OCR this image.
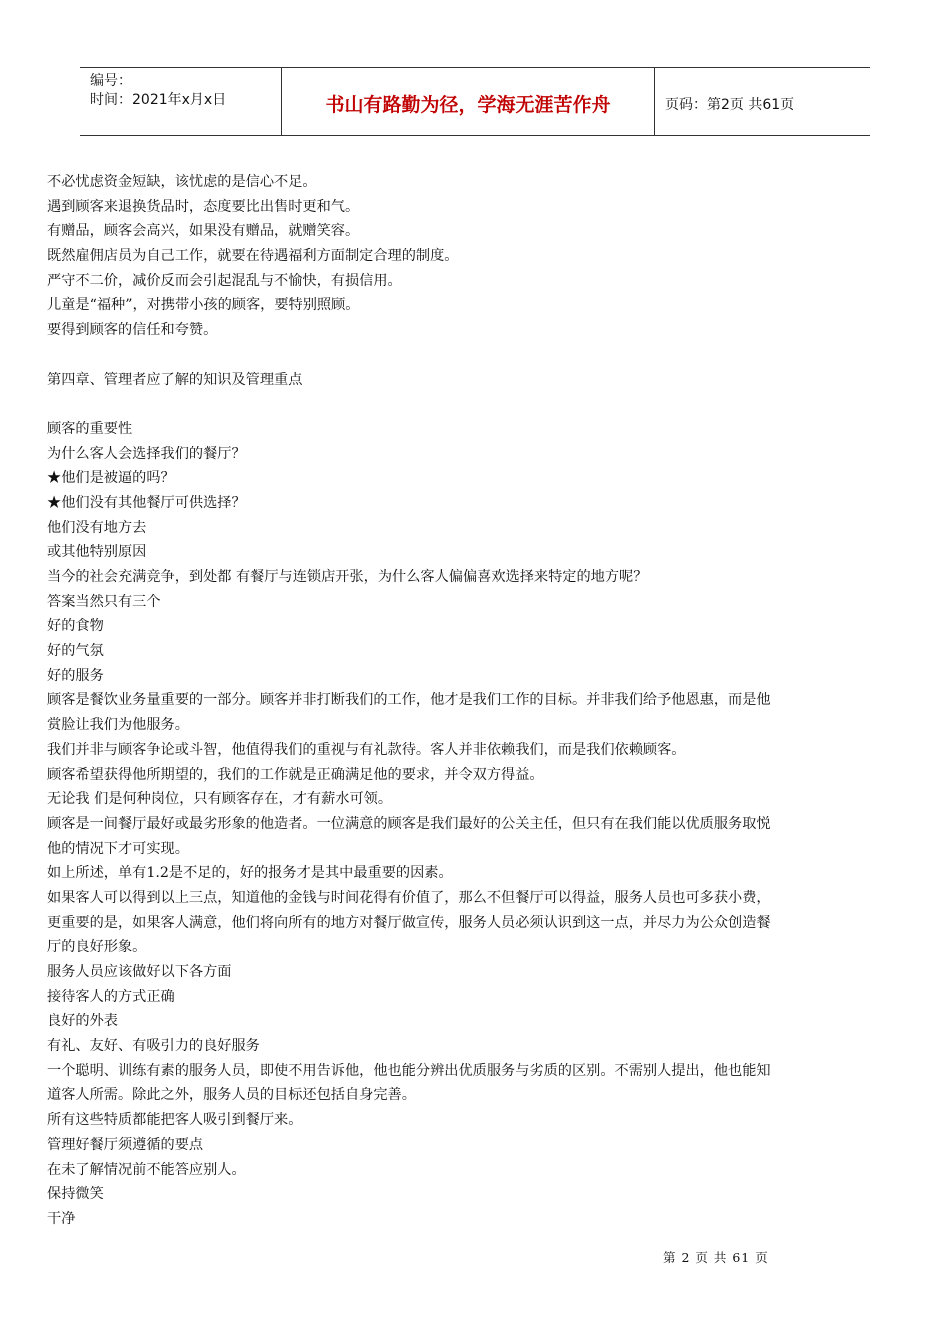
编号：
时间：2021年x月x日	书山有路勤为径，学海无涯苦作舟	页码：第2页 共61页
不必忧虑资金短缺，该忧虑的是信心不足。
遇到顾客来退换货品时，态度要比出售时更和气。
有赠品，顾客会高兴，如果没有赠品，就赠笑容。
既然雇佣店员为自己工作，就要在待遇福利方面制定合理的制度。
严守不二价，减价反而会引起混乱与不愉快，有损信用。
儿童是“福种”，对携带小孩的顾客，要特别照顾。
要得到顾客的信任和夸赞。
第四章、管理者应了解的知识及管理重点
顾客的重要性
为什么客人会选择我们的餐厅？
★他们是被逼的吗？
★他们没有其他餐厅可供选择？
他们没有地方去
或其他特别原因
当今的社会充满竞争，到处都 有餐厅与连锁店开张，为什么客人偏偏喜欢选择来特定的地方呢？
答案当然只有三个
好的食物
好的气氛
好的服务
顾客是餐饮业务量重要的一部分。顾客并非打断我们的工作，他才是我们工作的目标。并非我们给予他恩惠，而是他
赏脸让我们为他服务。
我们并非与顾客争论或斗智，他值得我们的重视与有礼款待。客人并非依赖我们，而是我们依赖顾客。
顾客希望获得他所期望的，我们的工作就是正确满足他的要求，并令双方得益。
无论我 们是何种岗位，只有顾客存在，才有薪水可领。
顾客是一间餐厅最好或最劣形象的他造者。一位满意的顾客是我们最好的公关主任，但只有在我们能以优质服务取悦
他的情况下才可实现。
如上所述，单有1.2是不足的，好的报务才是其中最重要的因素。
如果客人可以得到以上三点，知道他的金钱与时间花得有价值了，那么不但餐厅可以得益，服务人员也可多获小费，
更重要的是，如果客人满意，他们将向所有的地方对餐厅做宣传，服务人员必须认识到这一点，并尽力为公众创造餐
厅的良好形象。
服务人员应该做好以下各方面
接待客人的方式正确
良好的外表
有礼、友好、有吸引力的良好服务
一个聪明、训练有素的服务人员，即使不用告诉他，他也能分辨出优质服务与劣质的区别。不需别人提出，他也能知
道客人所需。除此之外，服务人员的目标还包括自身完善。
所有这些特质都能把客人吸引到餐厅来。
管理好餐厅须遵循的要点
在未了解情况前不能答应别人。
保持微笑
干净
第 2 页 共 61 页
